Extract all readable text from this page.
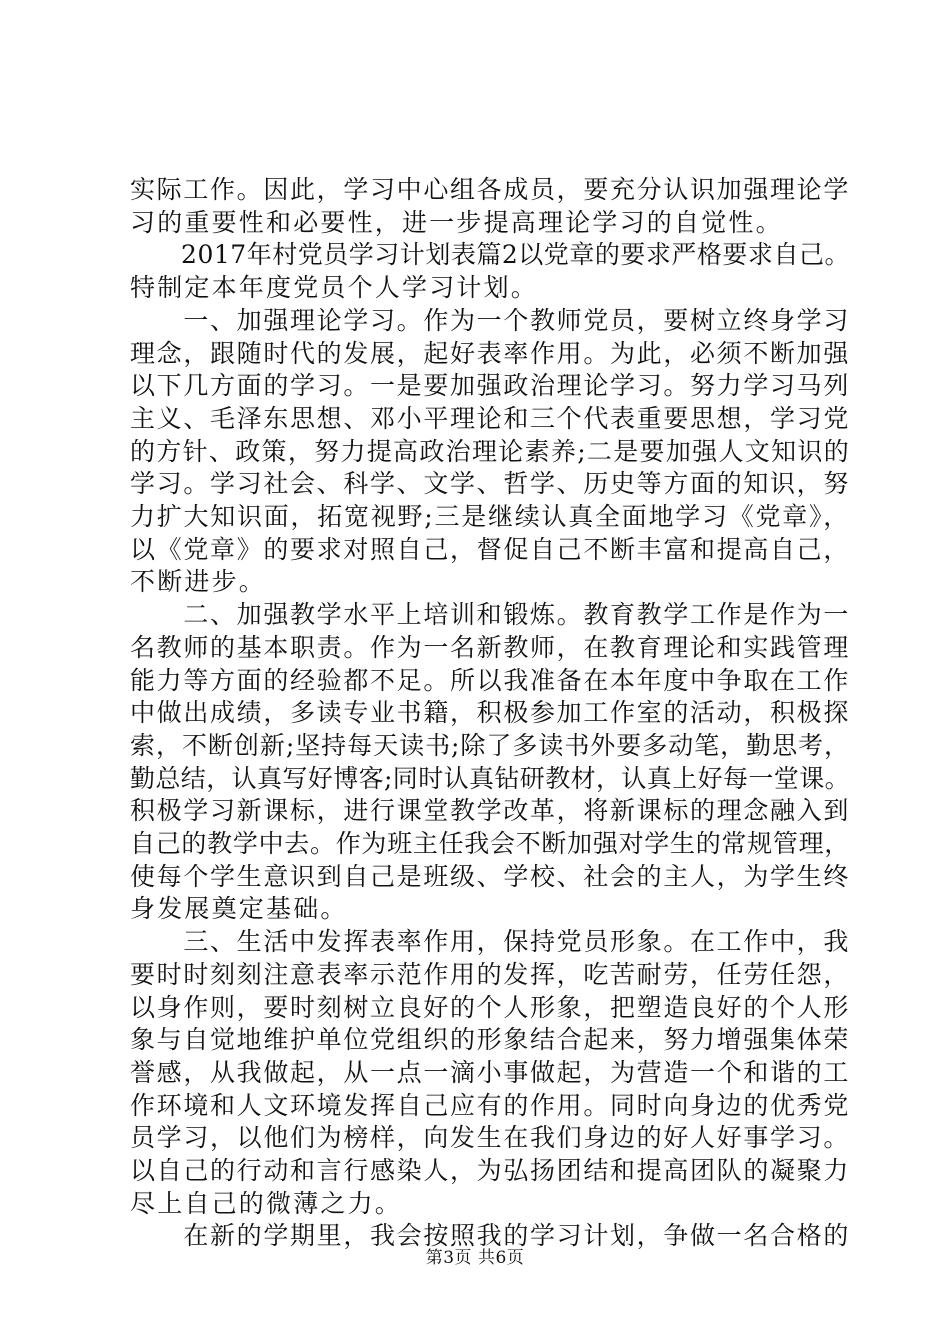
实际工作。因此，学习中心组各成员，要充分认识加强理论学
习的重要性和必要性，进一步提高理论学习的自觉性。
　　2017年村党员学习计划表篇2以党章的要求严格要求自己。
特制定本年度党员个人学习计划。
　　一、加强理论学习。作为一个教师党员，要树立终身学习
理念，跟随时代的发展，起好表率作用。为此，必须不断加强
以下几方面的学习。一是要加强政治理论学习。努力学习马列
主义、毛泽东思想、邓小平理论和三个代表重要思想，学习党
的方针、政策，努力提高政治理论素养;二是要加强人文知识的
学习。学习社会、科学、文学、哲学、历史等方面的知识，努
力扩大知识面，拓宽视野;三是继续认真全面地学习《党章》，
以《党章》的要求对照自己，督促自己不断丰富和提高自己，
不断进步。
　　二、加强教学水平上培训和锻炼。教育教学工作是作为一
名教师的基本职责。作为一名新教师，在教育理论和实践管理
能力等方面的经验都不足。所以我准备在本年度中争取在工作
中做出成绩，多读专业书籍，积极参加工作室的活动，积极探
索，不断创新;坚持每天读书;除了多读书外要多动笔，勤思考，
勤总结，认真写好博客;同时认真钻研教材，认真上好每一堂课。
积极学习新课标，进行课堂教学改革，将新课标的理念融入到
自己的教学中去。作为班主任我会不断加强对学生的常规管理，
使每个学生意识到自己是班级、学校、社会的主人，为学生终
身发展奠定基础。
　　三、生活中发挥表率作用，保持党员形象。在工作中，我
要时时刻刻注意表率示范作用的发挥，吃苦耐劳，任劳任怨，
以身作则，要时刻树立良好的个人形象，把塑造良好的个人形
象与自觉地维护单位党组织的形象结合起来，努力增强集体荣
誉感，从我做起，从一点一滴小事做起，为营造一个和谐的工
作环境和人文环境发挥自己应有的作用。同时向身边的优秀党
员学习，以他们为榜样，向发生在我们身边的好人好事学习。
以自己的行动和言行感染人，为弘扬团结和提高团队的凝聚力
尽上自己的微薄之力。
　　在新的学期里，我会按照我的学习计划，争做一名合格的
第3页 共6页
